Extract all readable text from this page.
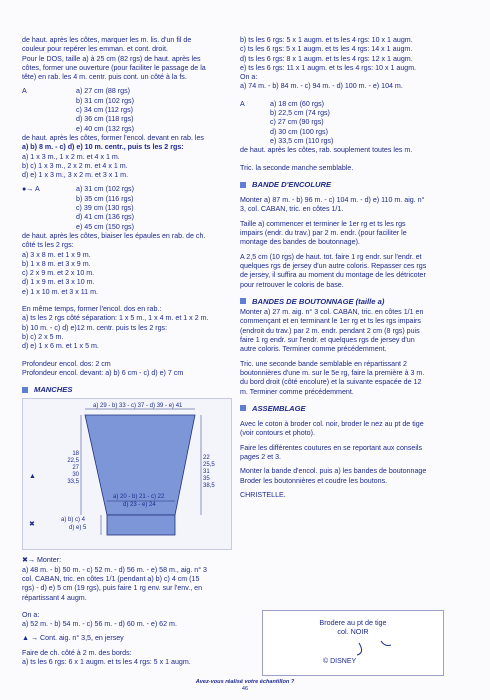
de haut. après les côtes, marquer les m. lis. d'un fil de

couleur pour repérer les emman. et cont. droit.

Pour le DOS, taille a) à 25 cm (82 rgs) de haut. après les

côtes, former une ouverture (pour faciliter le passage de la

tête) en rab. les 4 m. centr. puis cont. un côté à la fs.

A	a) 27 cm (88 rgs)

b) 31 cm (102 rgs)

c) 34 cm (112 rgs)

d) 36 cm (118 rgs)

e) 40 cm (132 rgs)

de haut. après les côtes, former l'encol. devant en rab. les

a) b) 8 m. - c) d) e) 10 m. centr., puis ts les 2 rgs:

a) 1 x 3 m., 1 x 2 m. et 4 x 1 m.

b) c) 1 x 3 m., 2 x 2 m. et 4 x 1 m.

d) e) 1 x 3 m., 3 x 2 m. et 3 x 1 m.

●→ A	a) 31 cm (102 rgs)

b) 35 cm (116 rgs)

c) 39 cm (130 rgs)

d) 41 cm (136 rgs)

e) 45 cm (150 rgs)

de haut. après les côtes, biaiser les épaules en rab. de ch.

côté ts les 2 rgs:

a) 3 x 8 m. et 1 x 9 m.

b) 1 x 8 m. et 3 x 9 m.

c) 2 x 9 m. et 2 x 10 m.

d) 1 x 9 m. et 3 x 10 m.

e) 1 x 10 m. et 3 x 11 m.

En même temps, former l'encol. dos en rab.:

a) ts les 2 rgs côté séparation: 1 x 5 m., 1 x 4 m. et 1 x 2 m.

b) 10 m. - c) d) e)12 m. centr. puis ts les 2 rgs:

b) c) 2 x 5 m.

d) e) 1 x 6 m. et 1 x 5 m.

Profondeur encol. dos: 2 cm

Profondeur encol. devant: a) b) 6 cm - c) d) e) 7 cm

MANCHES
a) 29 - b) 33 - c) 37 - d) 39 - e) 41
18
22,5
27
30
33,5
22
25,5
31
35
38,5
a) 20 - b) 21 - c) 22
d) 23 - e) 24
a) b) c) 4
d) e) 5
▲
✖

✖→ Monter:

a) 48 m. - b) 50 m. - c) 52 m. - d) 56 m. - e) 58 m., aig. n° 3

col. CABAN, tric. en côtes 1/1 (pendant a) b) c) 4 cm (15

rgs) - d) e) 5 cm (19 rgs), puis faire 1 rg env. sur l'env., en

répartissant 4 augm.

On a:

a) 52 m. - b) 54 m. - c) 56 m. - d) 60 m. - e) 62 m.

▲ → Cont. aig. n° 3,5, en jersey

Faire de ch. côté à 2 m. des bords:

a) ts les 6 rgs: 6 x 1 augm. et ts les 4 rgs: 5 x 1 augm.

b) ts les 6 rgs: 5 x 1 augm. et ts les 4 rgs: 10 x 1 augm.

c) ts les 6 rgs: 5 x 1 augm. et ts les 4 rgs: 14 x 1 augm.

d) ts les 6 rgs: 8 x 1 augm. et ts les 4 rgs: 12 x 1 augm.

e) ts les 6 rgs: 11 x 1 augm. et ts les 4 rgs: 10 x 1 augm.

On a:

a) 74 m. - b) 84 m. - c) 94 m. - d) 100 m. - e) 104 m.

A	a) 18 cm (60 rgs)

b) 22,5 cm (74 rgs)

c) 27 cm (90 rgs)

d) 30 cm (100 rgs)

e) 33,5 cm (110 rgs)

de haut. après les côtes, rab. souplement toutes les m.

Tric. la seconde manche semblable.

BANDE D'ENCOLURE

Monter a) 87 m. - b) 96 m. - c) 104 m. - d) e) 110 m. aig. n°

3, col. CABAN, tric. en côtes 1/1.

Taille a) commencer et terminer le 1er rg et ts les rgs

impairs (endr. du trav.) par 2 m. endr. (pour faciliter le

montage des bandes de boutonnage).

A 2,5 cm (10 rgs) de haut. tot. faire 1 rg endr. sur l'endr. et

quelques rgs de jersey d'un autre coloris. Repasser ces rgs

de jersey, il suffira au moment du montage de les détricoter

pour retrouver le coloris de base.

BANDES DE BOUTONNAGE (taille a)

Monter a) 27 m. aig. n° 3 col. CABAN, tric. en côtes 1/1 en

commençant et en terminant le 1er rg et ts les rgs impairs

(endroit du trav.) par 2 m. endr. pendant 2 cm (8 rgs) puis

faire 1 rg endr. sur l'endr. et quelques rgs de jersey d'un

autre coloris. Terminer comme précédemment.

Tric. une seconde bande semblable en répartissant 2

boutonnières d'une m. sur le 5e rg, faire la première à 3 m.

du bord droit (côté encolure) et la suivante espacée de 12

m. Terminer comme précédemment.

ASSEMBLAGE

Avec le coton à broder col. noir, broder le nez au pt de tige

(voir contours et photo).

Faire les différentes coutures en se reportant aux conseils

pages 2 et 3.

Monter la bande d'encol. puis a) les bandes de boutonnage

Broder les boutonnières et coudre les boutons.

CHRISTELLE.

Brodere au pt de tige
col. NOIR
© DISNEY
Avez-vous réalisé votre échantillon ?
46
